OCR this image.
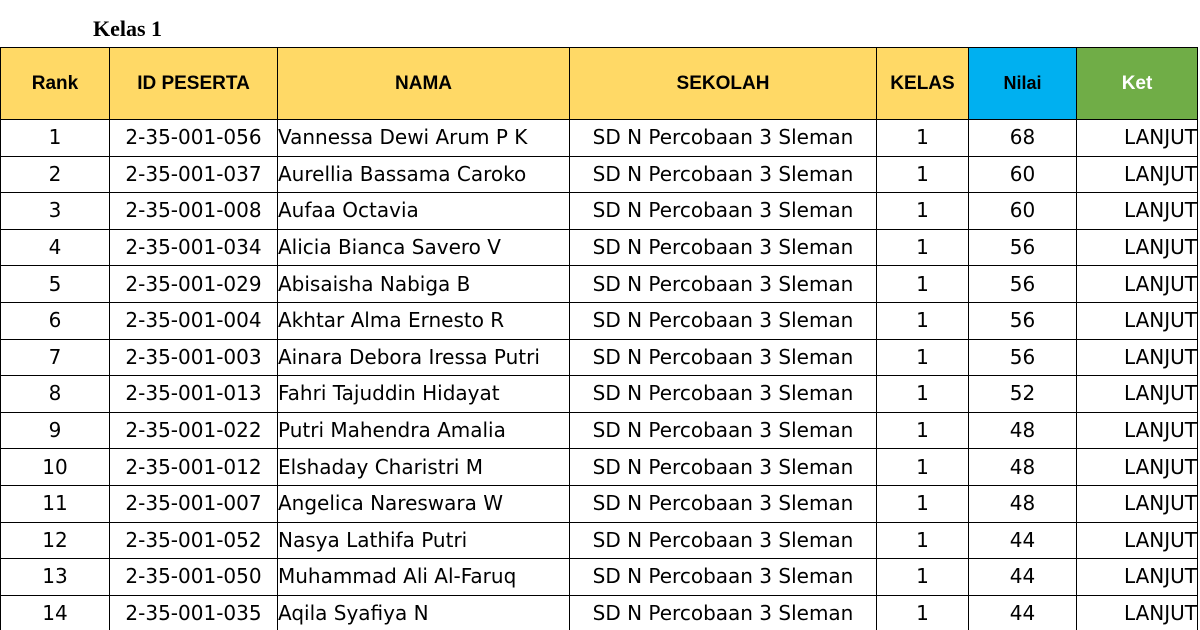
Kelas 1
Rank	ID PESERTA	NAMA	SEKOLAH	KELAS	Nilai	Ket
1	2-35-001-056	Vannessa Dewi Arum P K	SD N Percobaan 3 Sleman	1	68	LANJUT
2	2-35-001-037	Aurellia Bassama Caroko	SD N Percobaan 3 Sleman	1	60	LANJUT
3	2-35-001-008	Aufaa Octavia	SD N Percobaan 3 Sleman	1	60	LANJUT
4	2-35-001-034	Alicia Bianca Savero V	SD N Percobaan 3 Sleman	1	56	LANJUT
5	2-35-001-029	Abisaisha Nabiga B	SD N Percobaan 3 Sleman	1	56	LANJUT
6	2-35-001-004	Akhtar Alma Ernesto R	SD N Percobaan 3 Sleman	1	56	LANJUT
7	2-35-001-003	Ainara Debora Iressa Putri	SD N Percobaan 3 Sleman	1	56	LANJUT
8	2-35-001-013	Fahri Tajuddin Hidayat	SD N Percobaan 3 Sleman	1	52	LANJUT
9	2-35-001-022	Putri Mahendra Amalia	SD N Percobaan 3 Sleman	1	48	LANJUT
10	2-35-001-012	Elshaday Charistri M	SD N Percobaan 3 Sleman	1	48	LANJUT
11	2-35-001-007	Angelica Nareswara W	SD N Percobaan 3 Sleman	1	48	LANJUT
12	2-35-001-052	Nasya Lathifa Putri	SD N Percobaan 3 Sleman	1	44	LANJUT
13	2-35-001-050	Muhammad Ali Al-Faruq	SD N Percobaan 3 Sleman	1	44	LANJUT
14	2-35-001-035	Aqila Syafiya N	SD N Percobaan 3 Sleman	1	44	LANJUT
